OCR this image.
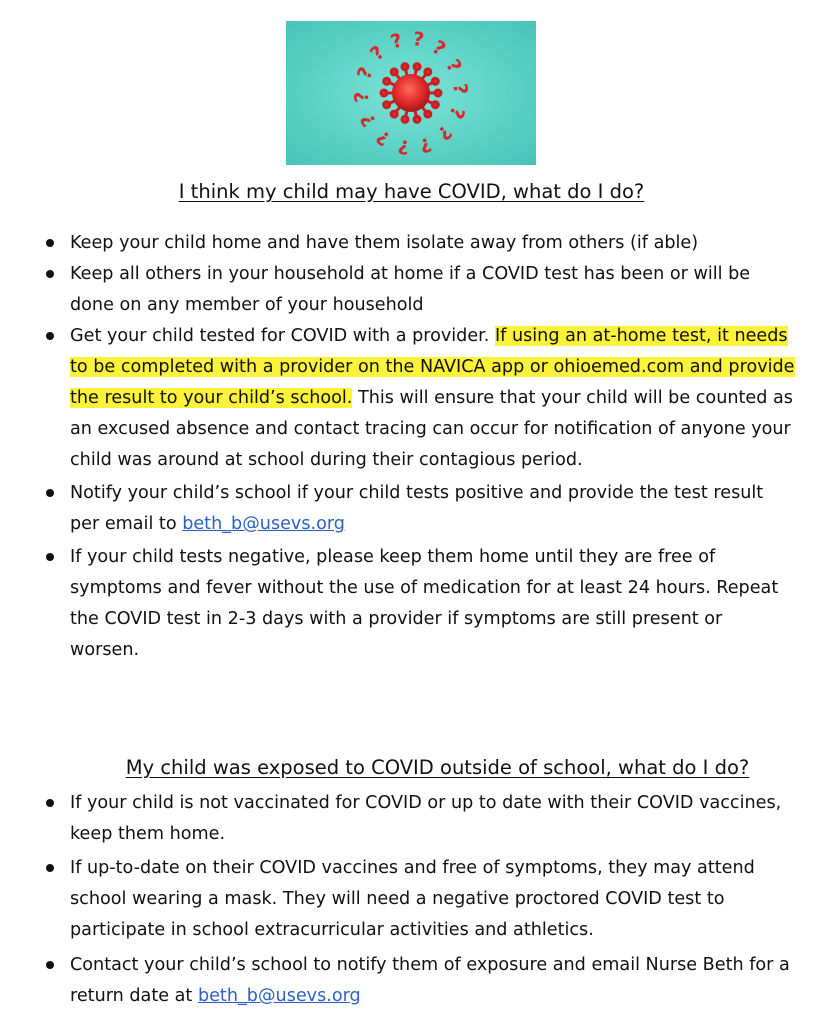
? ?
?
?
?
?
?
?
?
?
?
?
?
?
I think my child may have COVID, what do I do?
Keep your child home and have them isolate away from others (if able)
Keep all others in your household at home if a COVID test has been or will be done on any member of your household
Get your child tested for COVID with a provider. If using an at-home test, it needs to be completed with a provider on the NAVICA app or ohioemed.com and provide the result to your child’s school. This will ensure that your child will be counted as an excused absence and contact tracing can occur for notification of anyone your child was around at school during their contagious period.
Notify your child’s school if your child tests positive and provide the test result per email to beth_b@usevs.org
If your child tests negative, please keep them home until they are free of symptoms and fever without the use of medication for at least 24 hours. Repeat the COVID test in 2-3 days with a provider if symptoms are still present or worsen.
My child was exposed to COVID outside of school, what do I do?
If your child is not vaccinated for COVID or up to date with their COVID vaccines, keep them home.
If up-to-date on their COVID vaccines and free of symptoms, they may attend school wearing a mask. They will need a negative proctored COVID test to participate in school extracurricular activities and athletics.
Contact your child’s school to notify them of exposure and email Nurse Beth for a return date at beth_b@usevs.org
